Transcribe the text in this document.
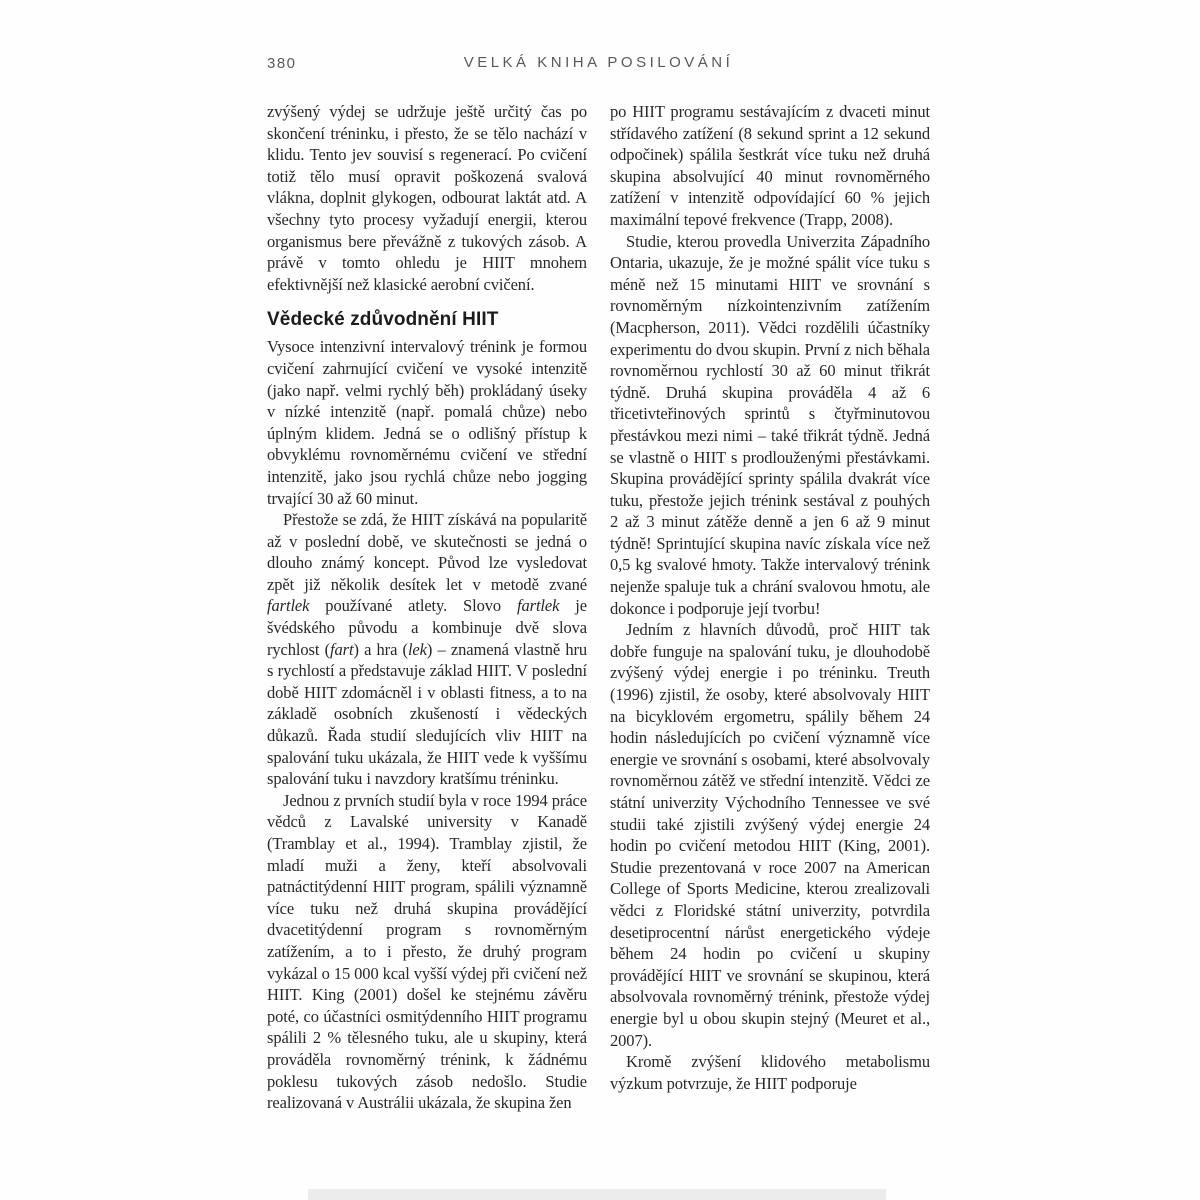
380	VELKÁ KNIHA POSILOVÁNÍ

zvýšený výdej se udržuje ještě určitý čas po skončení tréninku, i přesto, že se tělo nachází v klidu. Tento jev souvisí s regenerací. Po cvičení totiž tělo musí opravit poškozená svalová vlákna, doplnit glykogen, odbourat laktát atd. A všechny tyto procesy vyžadují energii, kterou organismus bere převážně z tukových zásob. A právě v tomto ohledu je HIIT mnohem efektivnější než klasické aerobní cvičení.

Vědecké zdůvodnění HIIT

Vysoce intenzivní intervalový trénink je formou cvičení zahrnující cvičení ve vysoké intenzitě (jako např. velmi rychlý běh) prokládaný úseky v nízké intenzitě (např. pomalá chůze) nebo úplným klidem. Jedná se o odlišný přístup k obvyklému rovnoměrnému cvičení ve střední intenzitě, jako jsou rychlá chůze nebo jogging trvající 30 až 60 minut.

Přestože se zdá, že HIIT získává na popularitě až v poslední době, ve skutečnosti se jedná o dlouho známý koncept. Původ lze vysledovat zpět již několik desítek let v metodě zvané fartlek používané atlety. Slovo fartlek je švédského původu a kombinuje dvě slova rychlost (fart) a hra (lek) – znamená vlastně hru s rychlostí a představuje základ HIIT. V poslední době HIIT zdomácněl i v oblasti fitness, a to na základě osobních zkušeností i vědeckých důkazů. Řada studií sledujících vliv HIIT na spalování tuku ukázala, že HIIT vede k vyššímu spalování tuku i navzdory kratšímu tréninku.

Jednou z prvních studií byla v roce 1994 práce vědců z Lavalské university v Kanadě (Tramblay et al., 1994). Tramblay zjistil, že mladí muži a ženy, kteří absolvovali patnáctitýdenní HIIT program, spálili významně více tuku než druhá skupina provádějící dvacetitýdenní program s rovnoměrným zatížením, a to i přesto, že druhý program vykázal o 15 000 kcal vyšší výdej při cvičení než HIIT. King (2001) došel ke stejnému závěru poté, co účastníci osmitýdenního HIIT programu spálili 2 % tělesného tuku, ale u skupiny, která prováděla rovnoměrný trénink, k žádnému poklesu tukových zásob nedošlo. Studie realizovaná v Austrálii ukázala, že skupina žen

po HIIT programu sestávajícím z dvaceti minut střídavého zatížení (8 sekund sprint a 12 sekund odpočinek) spálila šestkrát více tuku než druhá skupina absolvující 40 minut rovnoměrného zatížení v intenzitě odpovídající 60 % jejich maximální tepové frekvence (Trapp, 2008).

Studie, kterou provedla Univerzita Západního Ontaria, ukazuje, že je možné spálit více tuku s méně než 15 minutami HIIT ve srovnání s rovnoměrným nízkointenzivním zatížením (Macpherson, 2011). Vědci rozdělili účastníky experimentu do dvou skupin. První z nich běhala rovnoměrnou rychlostí 30 až 60 minut třikrát týdně. Druhá skupina prováděla 4 až 6 třicetivteřinových sprintů s čtyřminutovou přestávkou mezi nimi – také třikrát týdně. Jedná se vlastně o HIIT s prodlouženými přestávkami. Skupina provádějící sprinty spálila dvakrát více tuku, přestože jejich trénink sestával z pouhých 2 až 3 minut zátěže denně a jen 6 až 9 minut týdně! Sprintující skupina navíc získala více než 0,5 kg svalové hmoty. Takže intervalový trénink nejenže spaluje tuk a chrání svalovou hmotu, ale dokonce i podporuje její tvorbu!

Jedním z hlavních důvodů, proč HIIT tak dobře funguje na spalování tuku, je dlouhodobě zvýšený výdej energie i po tréninku. Treuth (1996) zjistil, že osoby, které absolvovaly HIIT na bicyklovém ergometru, spálily během 24 hodin následujících po cvičení významně více energie ve srovnání s osobami, které absolvovaly rovnoměrnou zátěž ve střední intenzitě. Vědci ze státní univerzity Východního Tennessee ve své studii také zjistili zvýšený výdej energie 24 hodin po cvičení metodou HIIT (King, 2001). Studie prezentovaná v roce 2007 na American College of Sports Medicine, kterou zrealizovali vědci z Floridské státní univerzity, potvrdila desetiprocentní nárůst energetického výdeje během 24 hodin po cvičení u skupiny provádějící HIIT ve srovnání se skupinou, která absolvovala rovnoměrný trénink, přestože výdej energie byl u obou skupin stejný (Meuret et al., 2007).

Kromě zvýšení klidového metabolismu výzkum potvrzuje, že HIIT podporuje
